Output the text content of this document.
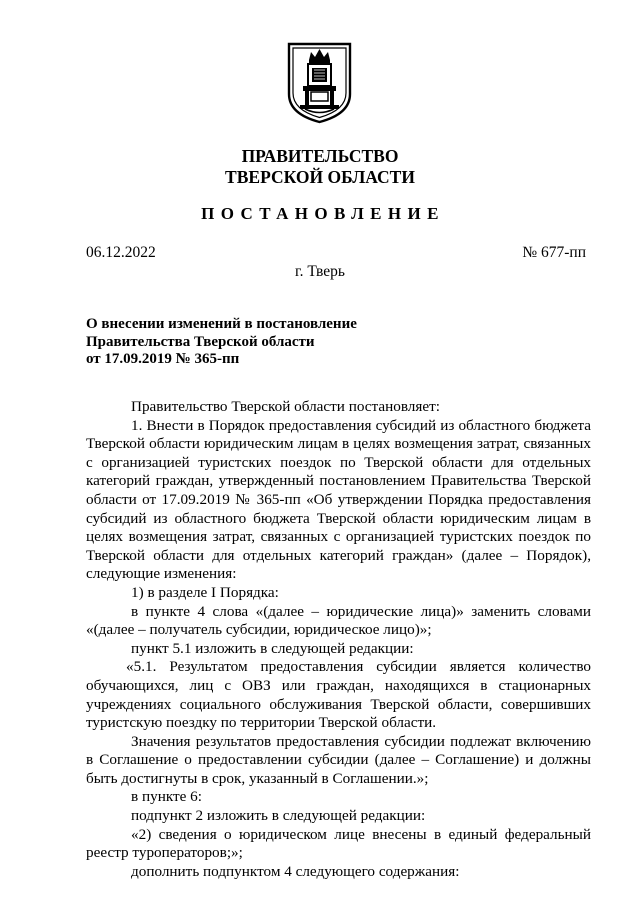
ПРАВИТЕЛЬСТВО
ТВЕРСКОЙ ОБЛАСТИ
ПОСТАНОВЛЕНИЕ
06.12.2022	№ 677-пп
г. Тверь
О внесении изменений в постановление
Правительства Тверской области
от 17.09.2019 № 365-пп

Правительство Тверской области постановляет:

1. Внести в Порядок предоставления субсидий из областного бюджета Тверской области юридическим лицам в целях возмещения затрат, связанных с организацией туристских поездок по Тверской области для отдельных категорий граждан, утвержденный постановлением Правительства Тверской области от 17.09.2019 № 365-пп «Об утверждении Порядка предоставления субсидий из областного бюджета Тверской области юридическим лицам в целях возмещения затрат, связанных с организацией туристских поездок по Тверской области для отдельных категорий граждан» (далее – Порядок), следующие изменения:

1) в разделе I Порядка:

в пункте 4 слова «(далее – юридические лица)» заменить словами «(далее – получатель субсидии, юридическое лицо)»;

пункт 5.1 изложить в следующей редакции:

«5.1. Результатом предоставления субсидии является количество обучающихся, лиц с ОВЗ или граждан, находящихся в стационарных учреждениях социального обслуживания Тверской области, совершивших туристскую поездку по территории Тверской области.

Значения результатов предоставления субсидии подлежат включению в Соглашение о предоставлении субсидии (далее – Соглашение) и должны быть достигнуты в срок, указанный в Соглашении.»;

в пункте 6:

подпункт 2 изложить в следующей редакции:

«2) сведения о юридическом лице внесены в единый федеральный реестр туроператоров;»;

дополнить подпунктом 4 следующего содержания:
